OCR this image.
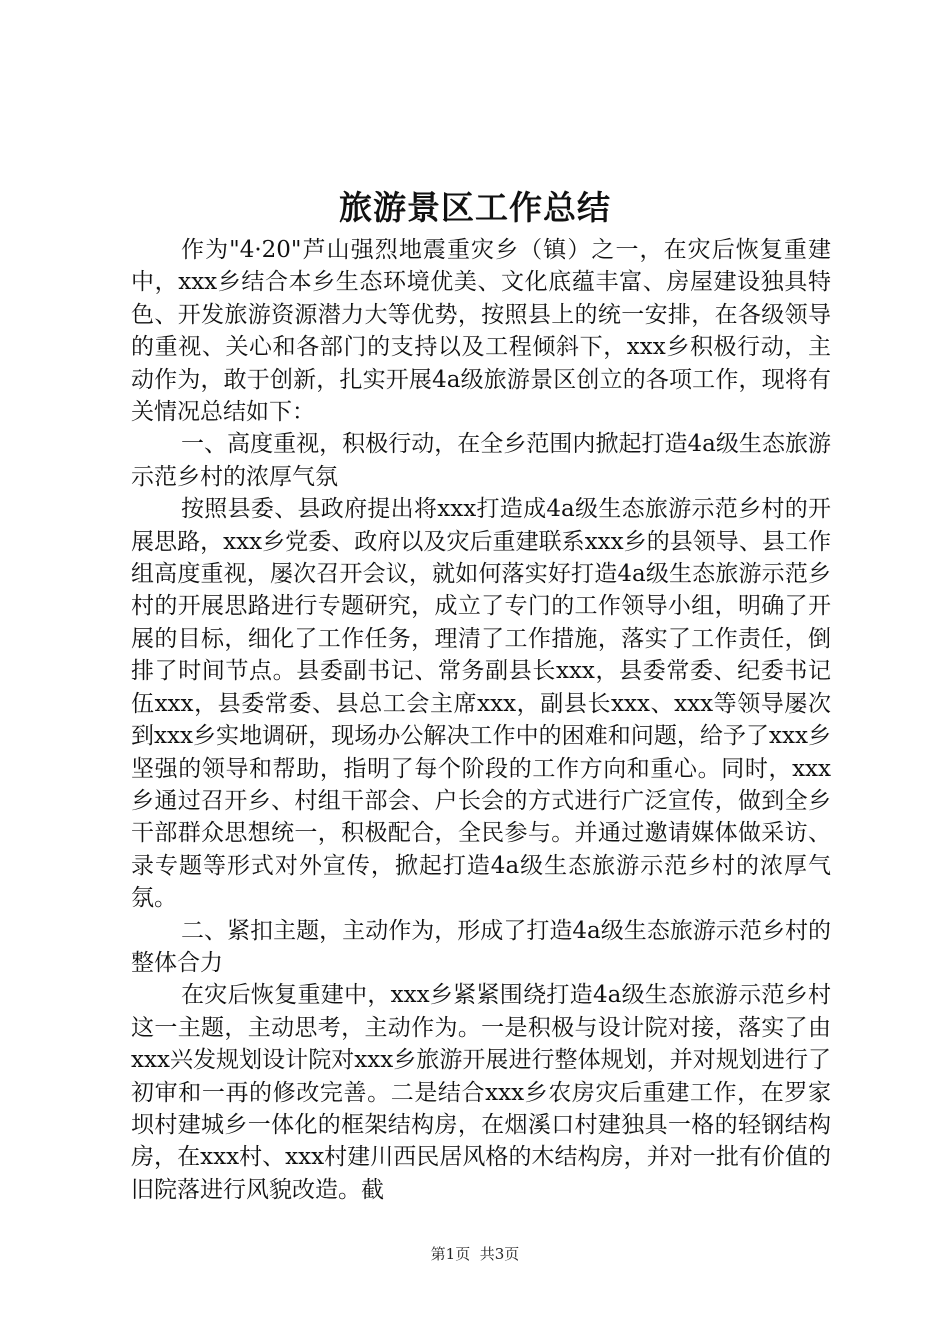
旅游景区工作总结

作为"4·20"芦山强烈地震重灾乡（镇）之一，在灾后恢复重建中，xxx乡结合本乡生态环境优美、文化底蕴丰富、房屋建设独具特色、开发旅游资源潜力大等优势，按照县上的统一安排，在各级领导的重视、关心和各部门的支持以及工程倾斜下，xxx乡积极行动，主动作为，敢于创新，扎实开展4a级旅游景区创立的各项工作，现将有关情况总结如下：

一、高度重视，积极行动，在全乡范围内掀起打造4a级生态旅游示范乡村的浓厚气氛

按照县委、县政府提出将xxx打造成4a级生态旅游示范乡村的开展思路，xxx乡党委、政府以及灾后重建联系xxx乡的县领导、县工作组高度重视，屡次召开会议，就如何落实好打造4a级生态旅游示范乡村的开展思路进行专题研究，成立了专门的工作领导小组，明确了开展的目标，细化了工作任务，理清了工作措施，落实了工作责任，倒排了时间节点。县委副书记、常务副县长xxx，县委常委、纪委书记伍xxx，县委常委、县总工会主席xxx，副县长xxx、xxx等领导屡次到xxx乡实地调研，现场办公解决工作中的困难和问题，给予了xxx乡坚强的领导和帮助，指明了每个阶段的工作方向和重心。同时，xxx乡通过召开乡、村组干部会、户长会的方式进行广泛宣传，做到全乡干部群众思想统一，积极配合，全民参与。并通过邀请媒体做采访、录专题等形式对外宣传，掀起打造4a级生态旅游示范乡村的浓厚气氛。

二、紧扣主题，主动作为，形成了打造4a级生态旅游示范乡村的整体合力

在灾后恢复重建中，xxx乡紧紧围绕打造4a级生态旅游示范乡村这一主题，主动思考，主动作为。一是积极与设计院对接，落实了由xxx兴发规划设计院对xxx乡旅游开展进行整体规划，并对规划进行了初审和一再的修改完善。二是结合xxx乡农房灾后重建工作，在罗家坝村建城乡一体化的框架结构房，在烟溪口村建独具一格的轻钢结构房，在xxx村、xxx村建川西民居风格的木结构房，并对一批有价值的旧院落进行风貌改造。截

第1页 共3页
